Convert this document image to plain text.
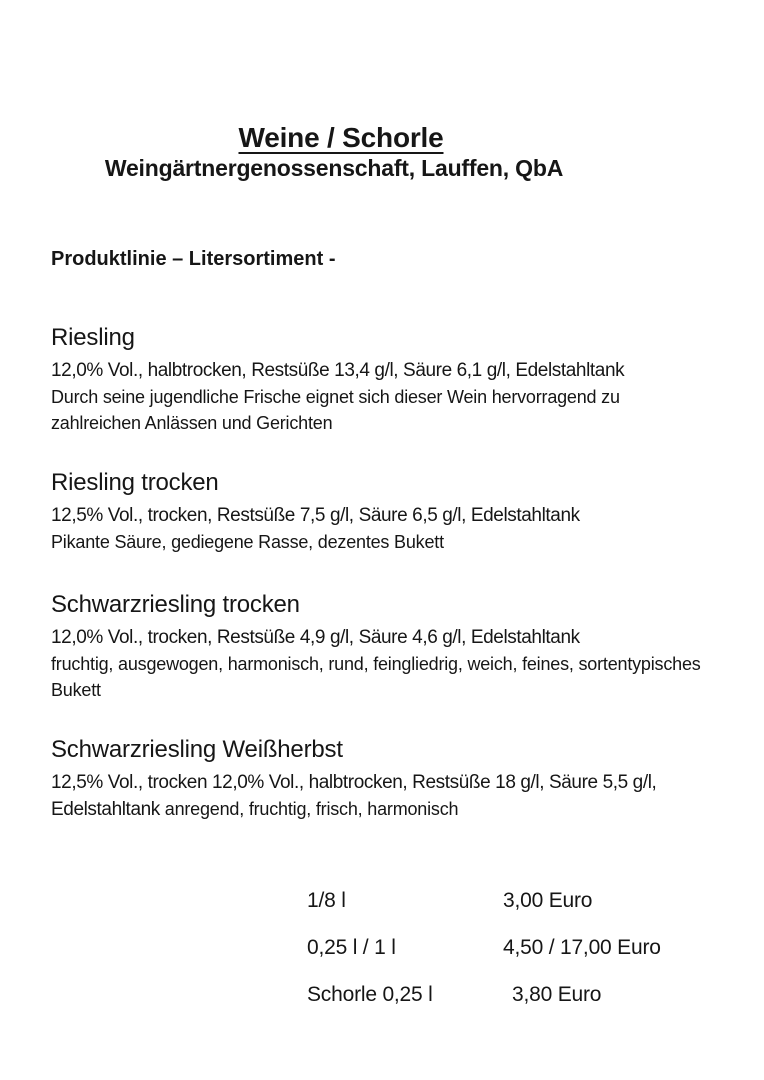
Weine / Schorle
Weingärtnergenossenschaft, Lauffen, QbA
Produktlinie – Litersortiment -
Riesling

12,0% Vol., halbtrocken, Restsüße 13,4 g/l, Säure 6,1 g/l, Edelstahltank

Durch seine jugendliche Frische eignet sich dieser Wein hervorragend zu zahlreichen Anlässen und Gerichten

Riesling trocken

12,5% Vol., trocken, Restsüße 7,5 g/l, Säure 6,5 g/l, Edelstahltank

Pikante Säure, gediegene Rasse, dezentes Bukett

Schwarzriesling trocken

12,0% Vol., trocken, Restsüße 4,9 g/l, Säure 4,6 g/l, Edelstahltank

fruchtig, ausgewogen, harmonisch, rund, feingliedrig, weich, feines, sortentypisches Bukett

Schwarzriesling Weißherbst

12,5% Vol., trocken 12,0% Vol., halbtrocken, Restsüße 18 g/l, Säure 5,5 g/l, Edelstahltank anregend, fruchtig, frisch, harmonisch

1/8 l	3,00 Euro
0,25 l / 1 l	4,50 / 17,00 Euro
Schorle 0,25 l	3,80 Euro
